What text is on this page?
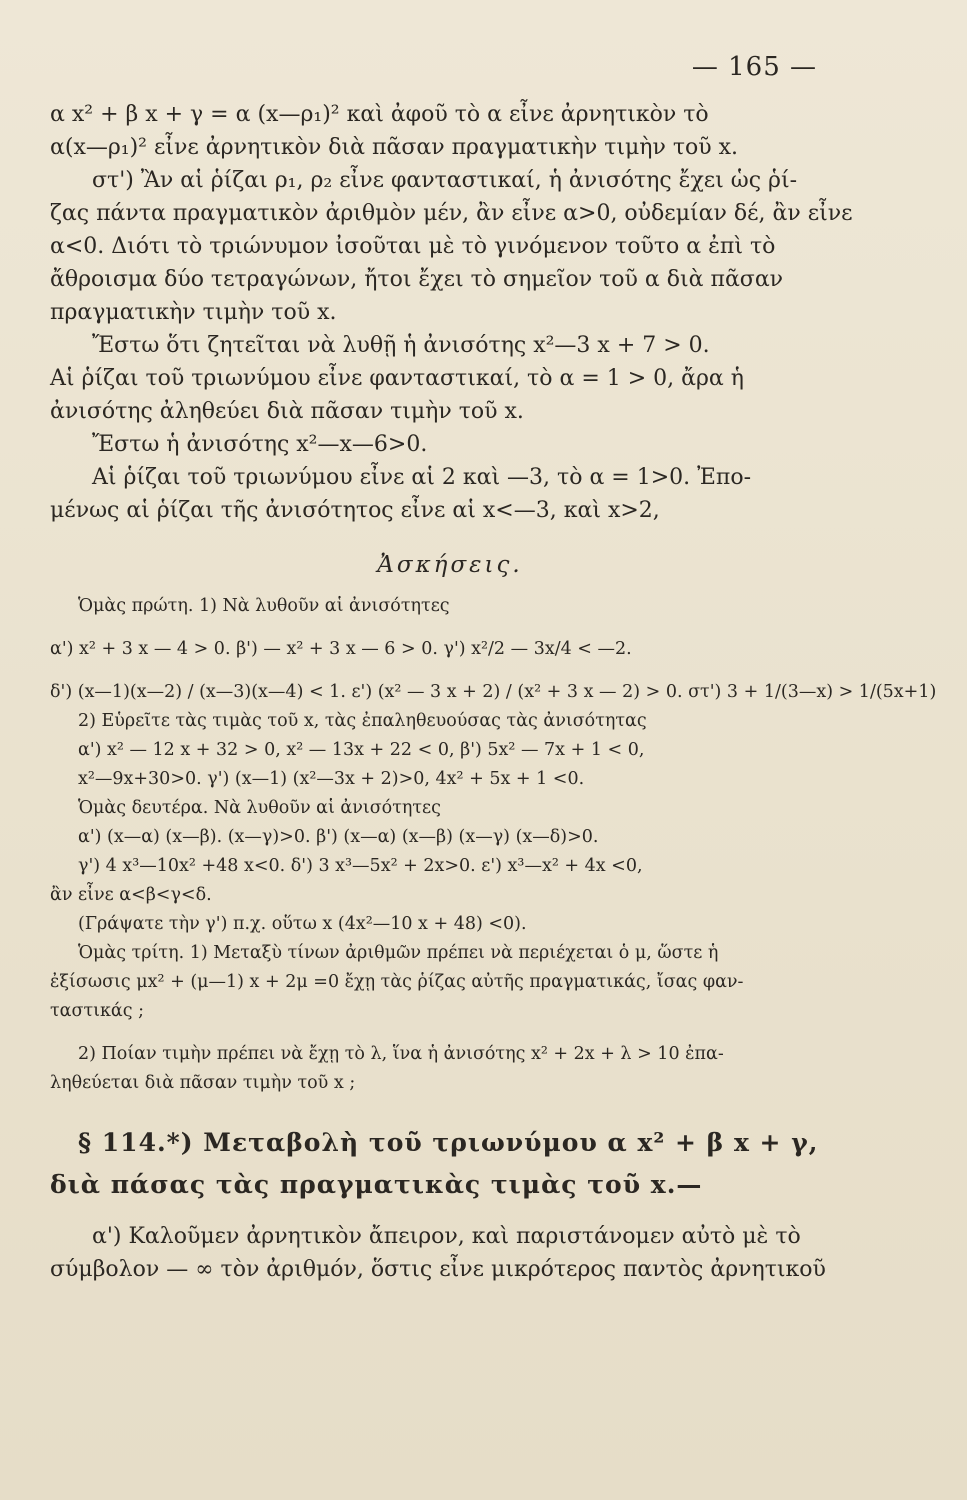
— 165 —
α x² + β x + γ = α (x—ρ₁)² καὶ ἀφοῦ τὸ α εἶνε ἀρνητικὸν τὸ
α(x—ρ₁)² εἶνε ἀρνητικὸν διὰ πᾶσαν πραγματικὴν τιμὴν τοῦ x.
στ') Ἂν αἱ ῥίζαι ρ₁, ρ₂ εἶνε φανταστικαί, ἡ ἀνισότης ἔχει ὡς ῥί-
ζας πάντα πραγματικὸν ἀριθμὸν μέν, ἂν εἶνε α>0, οὐδεμίαν δέ, ἂν εἶνε
α<0. Διότι τὸ τριώνυμον ἰσοῦται μὲ τὸ γινόμενον τοῦτο α ἐπὶ τὸ
ἄθροισμα δύο τετραγώνων, ἤτοι ἔχει τὸ σημεῖον τοῦ α διὰ πᾶσαν
πραγματικὴν τιμὴν τοῦ x.
Ἔστω ὅτι ζητεῖται νὰ λυθῇ ἡ ἀνισότης x²—3 x + 7 > 0.
Αἱ ῥίζαι τοῦ τριωνύμου εἶνε φανταστικαί, τὸ α = 1 > 0, ἄρα ἡ
ἀνισότης ἀληθεύει διὰ πᾶσαν τιμὴν τοῦ x.
Ἔστω ἡ ἀνισότης x²—x—6>0.
Αἱ ῥίζαι τοῦ τριωνύμου εἶνε αἱ 2 καὶ —3, τὸ α = 1>0. Ἐπο-
μένως αἱ ῥίζαι τῆς ἀνισότητος εἶνε αἱ x<—3, καὶ x>2,
Ἀσκήσεις.
Ὁμὰς πρώτη. 1) Νὰ λυθοῦν αἱ ἀνισότητες
α') x² + 3 x — 4 > 0. β') — x² + 3 x — 6 > 0. γ') x²/2 — 3x/4 < —2.
δ') (x—1)(x—2) / (x—3)(x—4) < 1. ε') (x² — 3 x + 2) / (x² + 3 x — 2) > 0. στ') 3 + 1/(3—x) > 1/(5x+1)
2) Εὑρεῖτε τὰς τιμὰς τοῦ x, τὰς ἐπαληθευούσας τὰς ἀνισότητας
α') x² — 12 x + 32 > 0, x² — 13x + 22 < 0, β') 5x² — 7x + 1 < 0,
x²—9x+30>0. γ') (x—1) (x²—3x + 2)>0, 4x² + 5x + 1 <0.
Ὁμὰς δευτέρα. Νὰ λυθοῦν αἱ ἀνισότητες
α') (x—α) (x—β). (x—γ)>0. β') (x—α) (x—β) (x—γ) (x—δ)>0.
γ') 4 x³—10x² +48 x<0. δ') 3 x³—5x² + 2x>0. ε') x³—x² + 4x <0,
ἂν εἶνε α<β<γ<δ.
(Γράψατε τὴν γ') π.χ. οὕτω x (4x²—10 x + 48) <0).
Ὁμὰς τρίτη. 1) Μεταξὺ τίνων ἀριθμῶν πρέπει νὰ περιέχεται ὁ μ, ὥστε ἡ
ἐξίσωσις μx² + (μ—1) x + 2μ =0 ἔχῃ τὰς ῥίζας αὐτῆς πραγματικάς, ἴσας φαν-
ταστικάς ;
2) Ποίαν τιμὴν πρέπει νὰ ἔχῃ τὸ λ, ἵνα ἡ ἀνισότης x² + 2x + λ > 10 ἐπα-
ληθεύεται διὰ πᾶσαν τιμὴν τοῦ x ;
§ 114.*) Μεταβολὴ τοῦ τριωνύμου α x² + β x + γ,
διὰ πάσας τὰς πραγματικὰς τιμὰς τοῦ x.—
α') Καλοῦμεν ἀρνητικὸν ἄπειρον, καὶ παριστάνομεν αὐτὸ μὲ τὸ
σύμβολον — ∞ τὸν ἀριθμόν, ὅστις εἶνε μικρότερος παντὸς ἀρνητικοῦ
